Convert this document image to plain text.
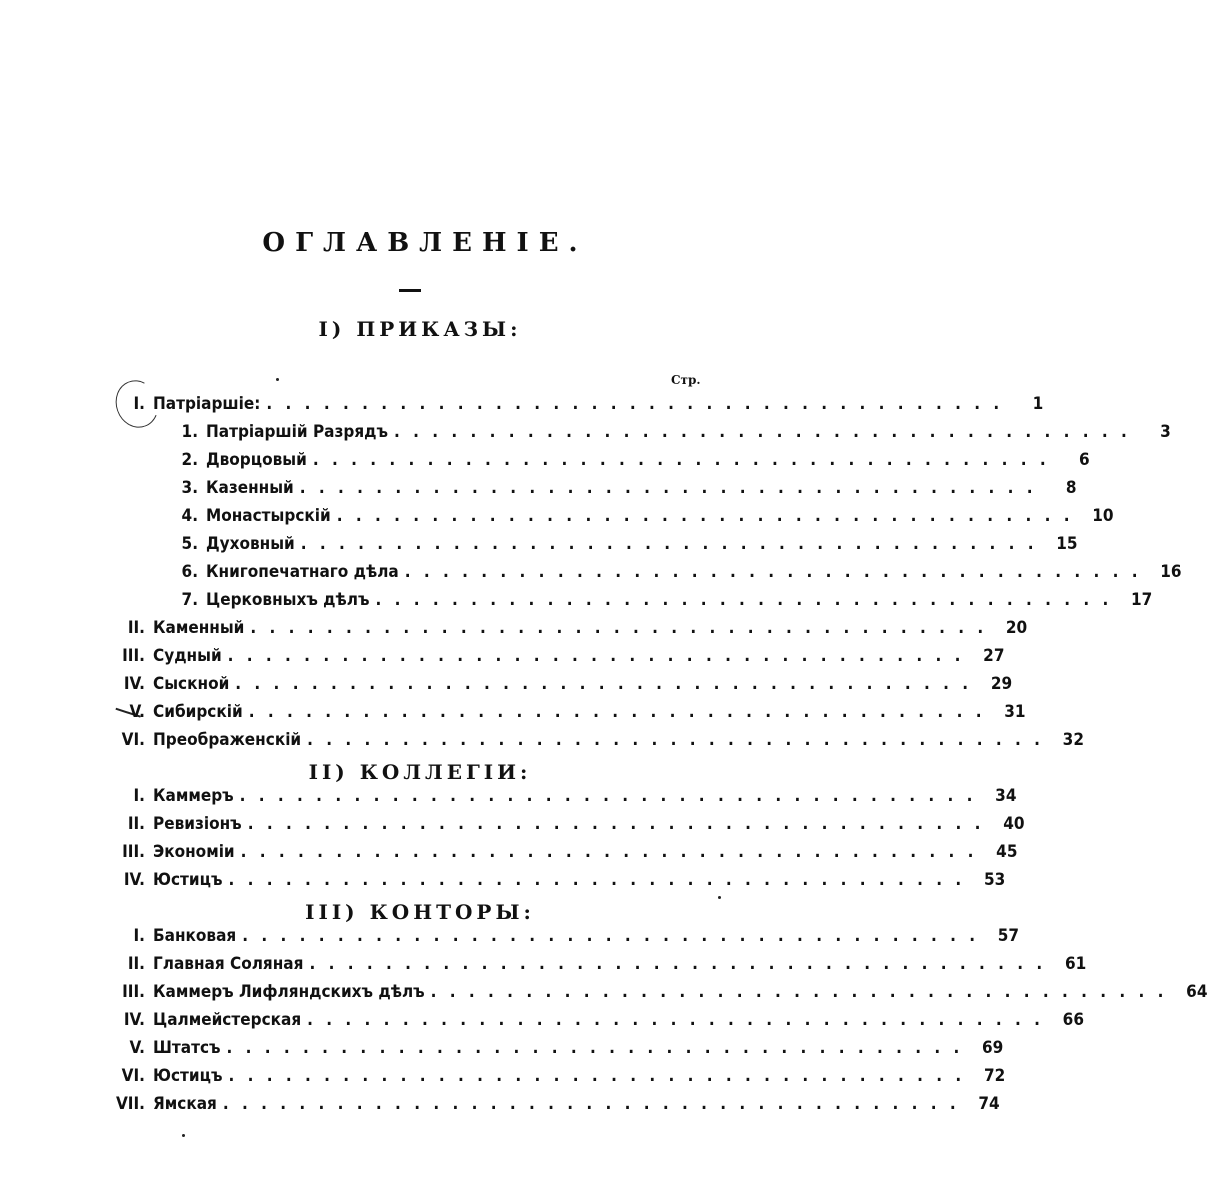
ОГЛАВЛЕНІЕ.
I) ПРИКАЗЫ:
Стр.
I. Патріаршіе: . . . . . . . . . . . . . . . . . . . . . . . . . . . . . . . . . . . . . . .	1
1. Патріаршій Разрядъ . . . . . . . . . . . . . . . . . . . . . . . . . . . . . . . . . . . . . . .	3
2. Дворцовый . . . . . . . . . . . . . . . . . . . . . . . . . . . . . . . . . . . . . . .	6
3. Казенный . . . . . . . . . . . . . . . . . . . . . . . . . . . . . . . . . . . . . . .	8
4. Монастырскій . . . . . . . . . . . . . . . . . . . . . . . . . . . . . . . . . . . . . . .	10
5. Духовный . . . . . . . . . . . . . . . . . . . . . . . . . . . . . . . . . . . . . . .	15
6. Книгопечатнаго дѣла . . . . . . . . . . . . . . . . . . . . . . . . . . . . . . . . . . . . . . .	16
7. Церковныхъ дѣлъ . . . . . . . . . . . . . . . . . . . . . . . . . . . . . . . . . . . . . . .	17
II. Каменный . . . . . . . . . . . . . . . . . . . . . . . . . . . . . . . . . . . . . . .	20
III. Судный . . . . . . . . . . . . . . . . . . . . . . . . . . . . . . . . . . . . . . .	27
IV. Сыскной . . . . . . . . . . . . . . . . . . . . . . . . . . . . . . . . . . . . . . .	29
V. Сибирскій . . . . . . . . . . . . . . . . . . . . . . . . . . . . . . . . . . . . . . .	31
VI. Преображенскій . . . . . . . . . . . . . . . . . . . . . . . . . . . . . . . . . . . . . . .	32
II) КОЛЛЕГІИ:
I. Каммеръ . . . . . . . . . . . . . . . . . . . . . . . . . . . . . . . . . . . . . . .	34
II. Ревизіонъ . . . . . . . . . . . . . . . . . . . . . . . . . . . . . . . . . . . . . . .	40
III. Экономіи . . . . . . . . . . . . . . . . . . . . . . . . . . . . . . . . . . . . . . .	45
IV. Юстицъ . . . . . . . . . . . . . . . . . . . . . . . . . . . . . . . . . . . . . . .	53
III) КОНТОРЫ:
I. Банковая . . . . . . . . . . . . . . . . . . . . . . . . . . . . . . . . . . . . . . .	57
II. Главная Соляная . . . . . . . . . . . . . . . . . . . . . . . . . . . . . . . . . . . . . . .	61
III. Каммеръ Лифляндскихъ дѣлъ . . . . . . . . . . . . . . . . . . . . . . . . . . . . . . . . . . . . . . .	64
IV. Цалмейстерская . . . . . . . . . . . . . . . . . . . . . . . . . . . . . . . . . . . . . . .	66
V. Штатсъ . . . . . . . . . . . . . . . . . . . . . . . . . . . . . . . . . . . . . . .	69
VI. Юстицъ . . . . . . . . . . . . . . . . . . . . . . . . . . . . . . . . . . . . . . .	72
VII. Ямская . . . . . . . . . . . . . . . . . . . . . . . . . . . . . . . . . . . . . . .	74
